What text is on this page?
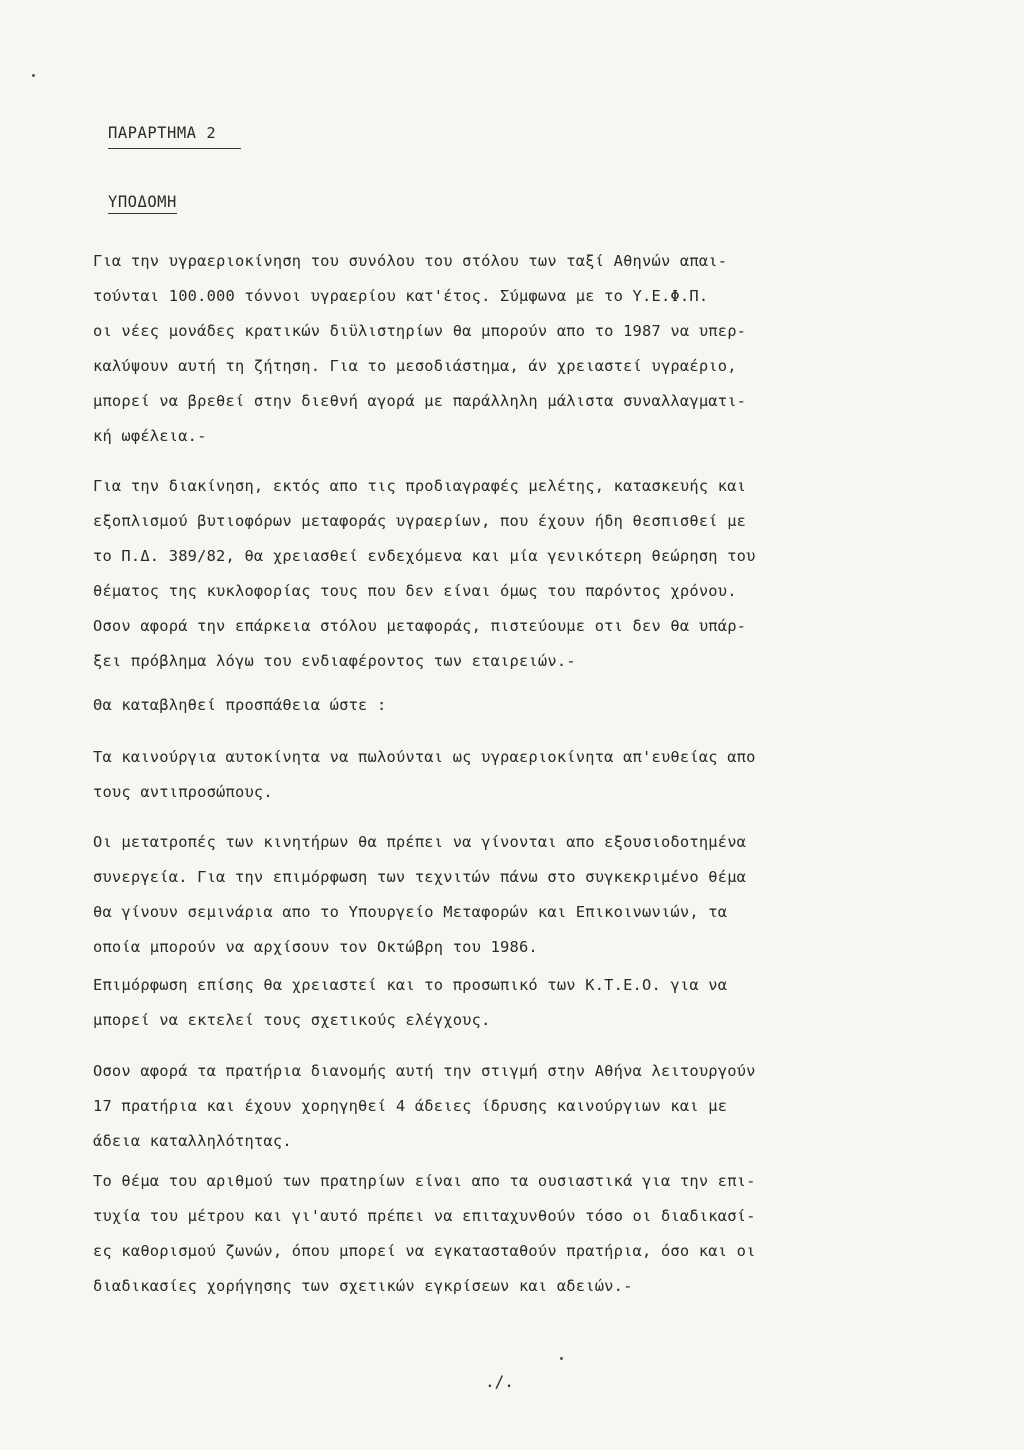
ΠΑΡΑΡΤΗΜΑ 2
ΥΠΟΔΟΜΗ
Για την υγραεριοκίνηση του συνόλου του στόλου των ταξί Αθηνών απαι-
τούνται 100.000 τόννοι υγραερίου κατ'έτος. Σύμφωνα με το Υ.Ε.Φ.Π.
οι νέες μονάδες κρατικών διϋλιστηρίων θα μπορούν απο το 1987 να υπερ-
καλύψουν αυτή τη ζήτηση. Για το μεσοδιάστημα, άν χρειαστεί υγραέριο,
μπορεί να βρεθεί στην διεθνή αγορά με παράλληλη μάλιστα συναλλαγματι-
κή ωφέλεια.-
Για την διακίνηση, εκτός απο τις προδιαγραφές μελέτης, κατασκευής και
εξοπλισμού βυτιοφόρων μεταφοράς υγραερίων, που έχουν ήδη θεσπισθεί με
το Π.Δ. 389/82, θα χρειασθεί ενδεχόμενα και μία γενικότερη θεώρηση του
θέματος της κυκλοφορίας τους που δεν είναι όμως του παρόντος χρόνου.
Οσον αφορά την επάρκεια στόλου μεταφοράς, πιστεύουμε οτι δεν θα υπάρ-
ξει πρόβλημα λόγω του ενδιαφέροντος των εταιρειών.-
Θα καταβληθεί προσπάθεια ώστε :
Τα καινούργια αυτοκίνητα να πωλούνται ως υγραεριοκίνητα απ'ευθείας απο
τους αντιπροσώπους.
Οι μετατροπές των κινητήρων θα πρέπει να γίνονται απο εξουσιοδοτημένα
συνεργεία. Για την επιμόρφωση των τεχνιτών πάνω στο συγκεκριμένο θέμα
θα γίνουν σεμινάρια απο το Υπουργείο Μεταφορών και Επικοινωνιών, τα
οποία μπορούν να αρχίσουν τον Οκτώβρη του 1986.
Επιμόρφωση επίσης θα χρειαστεί και το προσωπικό των Κ.Τ.Ε.Ο. για να
μπορεί να εκτελεί τους σχετικούς ελέγχους.
Οσον αφορά τα πρατήρια διανομής αυτή την στιγμή στην Αθήνα λειτουργούν
17 πρατήρια και έχουν χορηγηθεί 4 άδειες ίδρυσης καινούργιων και με
άδεια καταλληλότητας.
Το θέμα του αριθμού των πρατηρίων είναι απο τα ουσιαστικά για την επι-
τυχία του μέτρου και γι'αυτό πρέπει να επιταχυνθούν τόσο οι διαδικασί-
ες καθορισμού ζωνών, όπου μπορεί να εγκατασταθούν πρατήρια, όσο και οι
διαδικασίες χορήγησης των σχετικών εγκρίσεων και αδειών.-
./.
